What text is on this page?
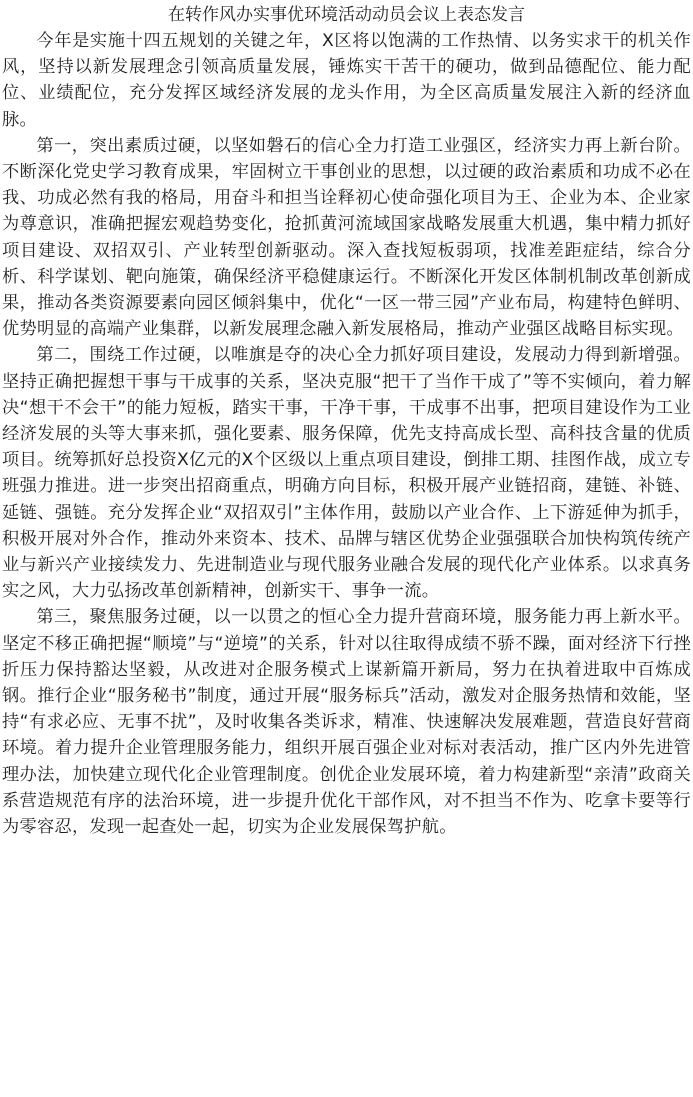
在转作风办实事优环境活动动员会议上表态发言

今年是实施十四五规划的关键之年，X区将以饱满的工作热情、以务实求干的机关作风，坚持以新发展理念引领高质量发展，锤炼实干苦干的硬功，做到品德配位、能力配位、业绩配位，充分发挥区域经济发展的龙头作用，为全区高质量发展注入新的经济血脉。

第一，突出素质过硬，以坚如磐石的信心全力打造工业强区，经济实力再上新台阶。不断深化党史学习教育成果，牢固树立干事创业的思想，以过硬的政治素质和功成不必在我、功成必然有我的格局，用奋斗和担当诠释初心使命强化项目为王、企业为本、企业家为尊意识，准确把握宏观趋势变化，抢抓黄河流域国家战略发展重大机遇，集中精力抓好项目建设、双招双引、产业转型创新驱动。深入查找短板弱项，找准差距症结，综合分析、科学谋划、靶向施策，确保经济平稳健康运行。不断深化开发区体制机制改革创新成果，推动各类资源要素向园区倾斜集中，优化“一区一带三园”产业布局，构建特色鲜明、优势明显的高端产业集群，以新发展理念融入新发展格局，推动产业强区战略目标实现。

第二，围绕工作过硬，以唯旗是夺的决心全力抓好项目建设，发展动力得到新增强。坚持正确把握想干事与干成事的关系，坚决克服“把干了当作干成了”等不实倾向，着力解决“想干不会干”的能力短板，踏实干事，干净干事，干成事不出事，把项目建设作为工业经济发展的头等大事来抓，强化要素、服务保障，优先支持高成长型、高科技含量的优质项目。统筹抓好总投资X亿元的X个区级以上重点项目建设，倒排工期、挂图作战，成立专班强力推进。进一步突出招商重点，明确方向目标，积极开展产业链招商，建链、补链、延链、强链。充分发挥企业“双招双引”主体作用，鼓励以产业合作、上下游延伸为抓手，积极开展对外合作，推动外来资本、技术、品牌与辖区优势企业强强联合加快构筑传统产业与新兴产业接续发力、先进制造业与现代服务业融合发展的现代化产业体系。以求真务实之风，大力弘扬改革创新精神，创新实干、事争一流。

第三，聚焦服务过硬，以一以贯之的恒心全力提升营商环境，服务能力再上新水平。坚定不移正确把握“顺境”与“逆境”的关系，针对以往取得成绩不骄不躁，面对经济下行挫折压力保持豁达坚毅，从改进对企服务模式上谋新篇开新局，努力在执着进取中百炼成钢。推行企业“服务秘书”制度，通过开展“服务标兵”活动，激发对企服务热情和效能，坚持“有求必应、无事不扰”，及时收集各类诉求，精准、快速解决发展难题，营造良好营商环境。着力提升企业管理服务能力，组织开展百强企业对标对表活动，推广区内外先进管理办法，加快建立现代化企业管理制度。创优企业发展环境，着力构建新型“亲清”政商关系营造规范有序的法治环境，进一步提升优化干部作风，对不担当不作为、吃拿卡要等行为零容忍，发现一起查处一起，切实为企业发展保驾护航。
